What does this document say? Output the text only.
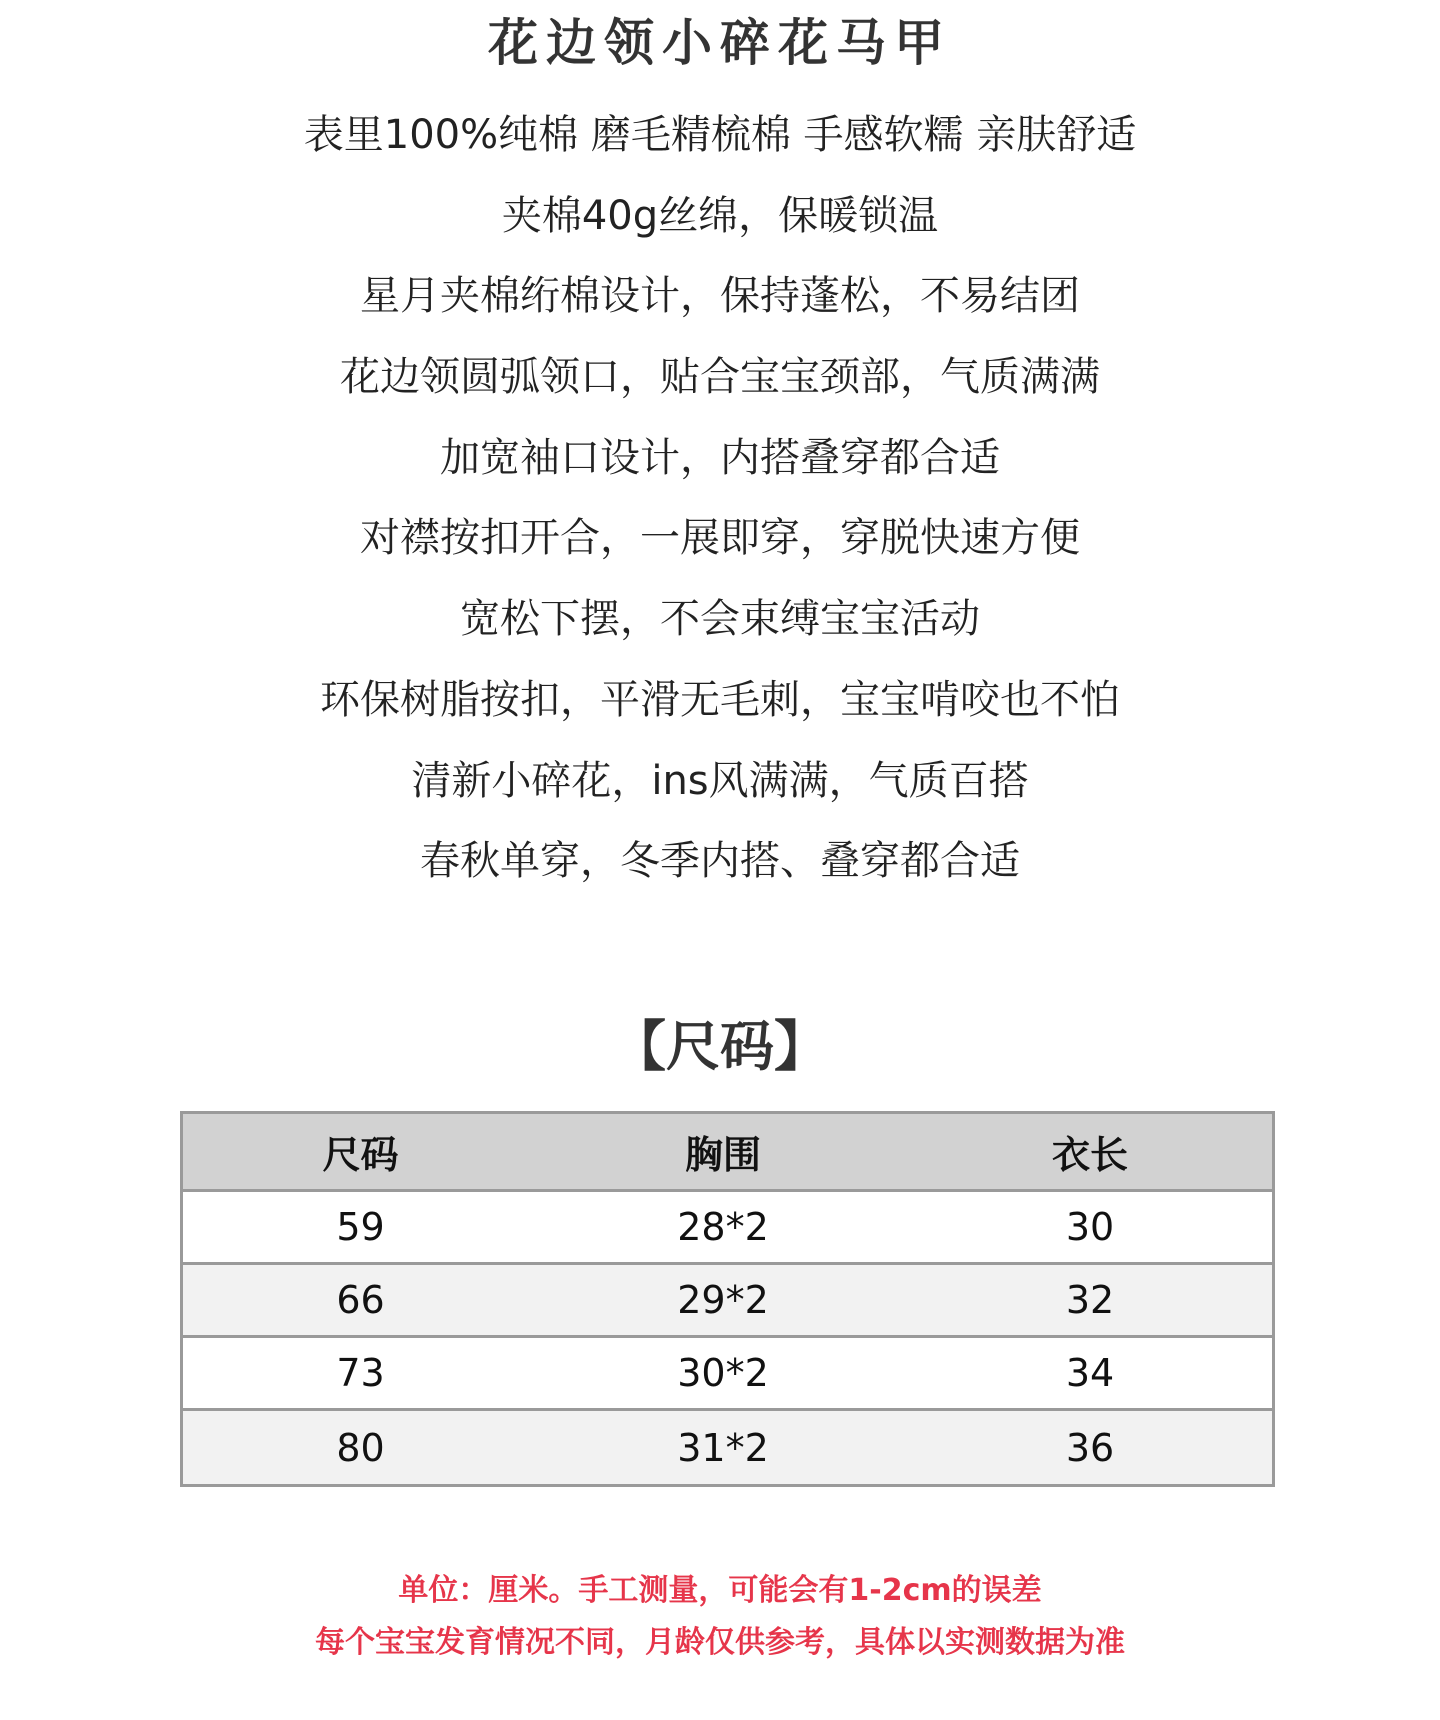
花边领小碎花马甲
表里100%纯棉 磨毛精梳棉 手感软糯 亲肤舒适
夹棉40g丝绵，保暖锁温
星月夹棉绗棉设计，保持蓬松，不易结团
花边领圆弧领口，贴合宝宝颈部，气质满满
加宽袖口设计，内搭叠穿都合适
对襟按扣开合，一展即穿，穿脱快速方便
宽松下摆，不会束缚宝宝活动
环保树脂按扣，平滑无毛刺，宝宝啃咬也不怕
清新小碎花，ins风满满，气质百搭
春秋单穿，冬季内搭、叠穿都合适
【尺码】
尺码	胸围	衣长
59	28*2	30
66	29*2	32
73	30*2	34
80	31*2	36
单位：厘米。手工测量，可能会有1-2cm的误差
每个宝宝发育情况不同，月龄仅供参考，具体以实测数据为准
